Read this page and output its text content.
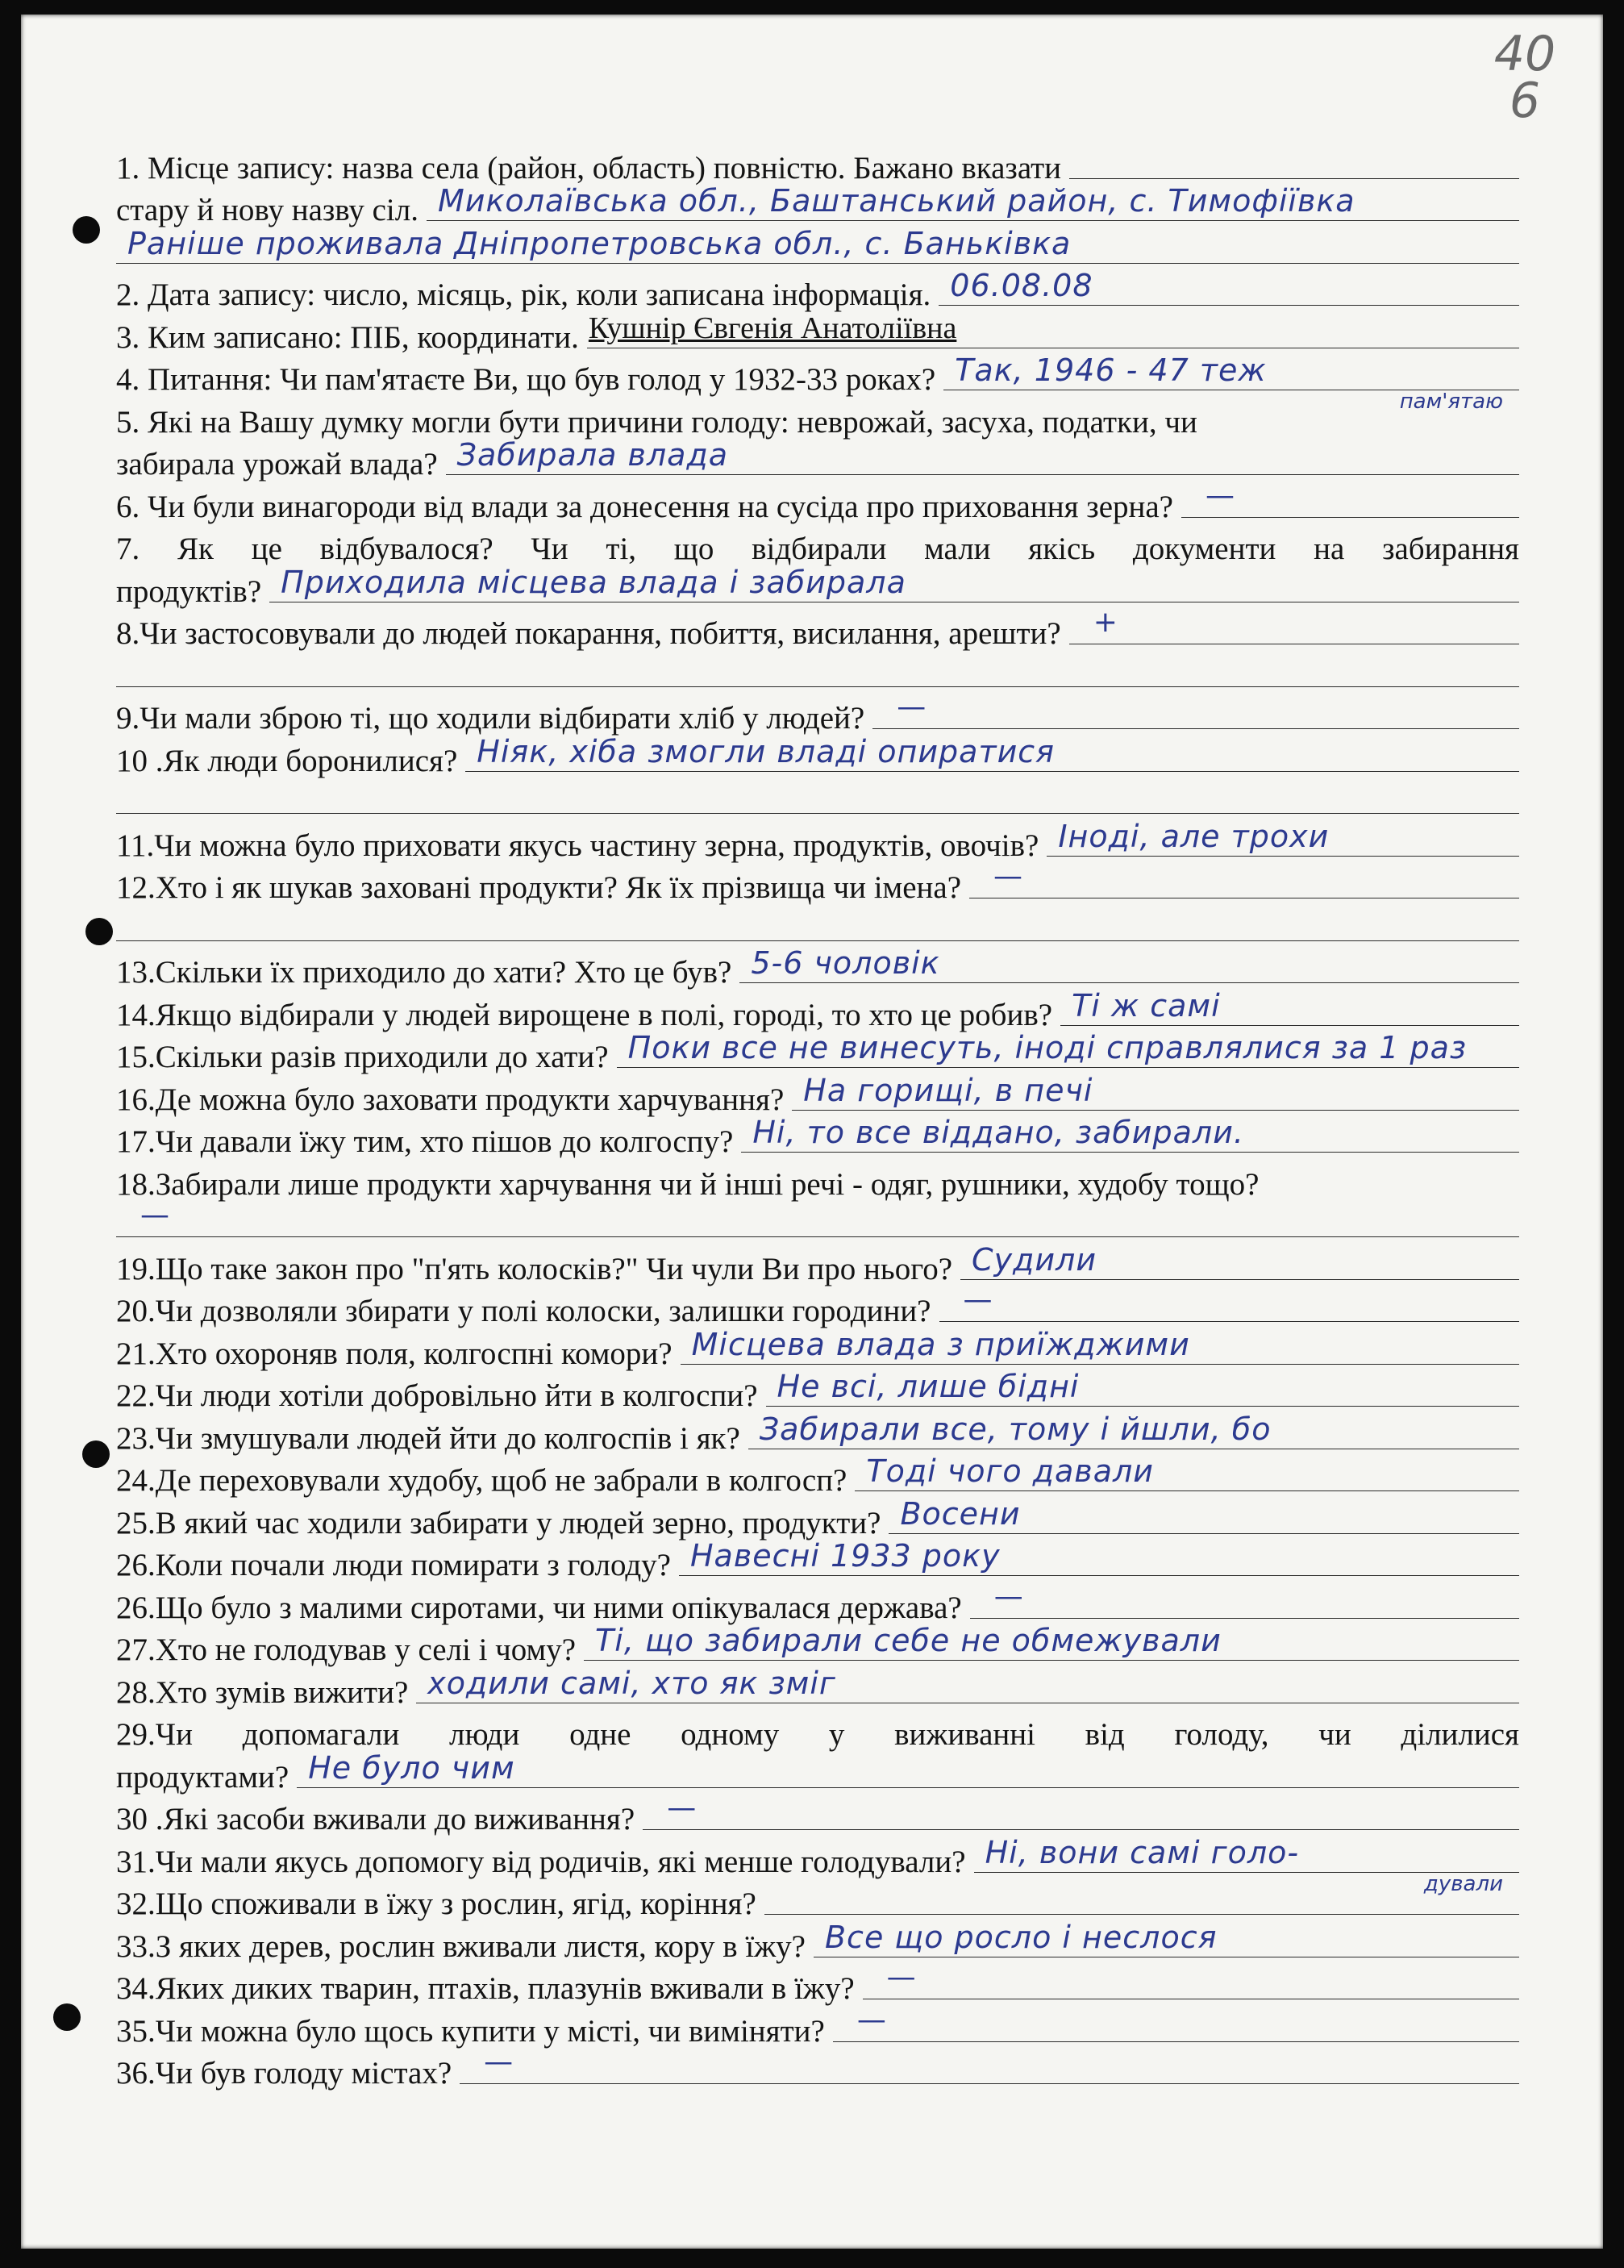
40
6
1. Місце запису: назва села (район, область) повністю. Бажано вказати
стару й нову назву сіл. Миколаївська обл., Баштанський район, с. Тимофіївка
Раніше проживала Дніпропетровська обл., с. Баньківка
2. Дата запису: число, місяць, рік, коли записана інформація. 06.08.08
3. Ким записано: ПІБ, координати. Кушнір Євгенія Анатоліївна
4. Питання: Чи пам'ятаєте Ви, що був голод у 1932-33 роках? Так, 1946 - 47 теж
пам'ятаю
5. Які на Вашу думку могли бути причини голоду: неврожай, засуха, податки, чи
забирала урожай влада? Забирала влада
6. Чи були винагороди від влади за донесення на сусіда про приховання зерна? —
7. Як це відбувалося? Чи ті, що відбирали мали якісь документи на забирання
продуктів? Приходила місцева влада і забирала
8.Чи застосовували до людей покарання, побиття, висилання, арешти? +
9.Чи мали зброю ті, що ходили відбирати хліб у людей? —
10 .Як люди боронилися? Ніяк, хіба змогли владі опиратися
11.Чи можна було приховати якусь частину зерна, продуктів, овочів? Іноді, але трохи
12.Хто і як шукав заховані продукти? Як їх прізвища чи імена? —
13.Скільки їх приходило до хати? Хто це був? 5-6 чоловік
14.Якщо відбирали у людей вирощене в полі, городі, то хто це робив? Ті ж самі
15.Скільки разів приходили до хати? Поки все не винесуть, іноді справлялися за 1 раз
16.Де можна було заховати продукти харчування? На горищі, в печі
17.Чи давали їжу тим, хто пішов до колгоспу? Ні, то все віддано, забирали.
18.Забирали лише продукти харчування чи й інші речі - одяг, рушники, худобу тощо?
—
19.Що таке закон про "п'ять колосків?" Чи чули Ви про нього? Судили
20.Чи дозволяли збирати у полі колоски, залишки городини? —
21.Хто охороняв поля, колгоспні комори? Місцева влада з приїжджими
22.Чи люди хотіли добровільно йти в колгоспи? Не всі, лише бідні
23.Чи змушували людей йти до колгоспів і як? Забирали все, тому і йшли, бо
24.Де переховували худобу, щоб не забрали в колгосп? Тоді чого давали
25.В який час ходили забирати у людей зерно, продукти? Восени
26.Коли почали люди помирати з голоду? Навесні 1933 року
26.Що було з малими сиротами, чи ними опікувалася держава? —
27.Хто не голодував у селі і чому? Ті, що забирали себе не обмежували
28.Хто зумів вижити? ходили самі, хто як зміг
29.Чи допомагали люди одне одному у виживанні від голоду, чи ділилися
продуктами? Не було чим
30 .Які засоби вживали до виживання? —
31.Чи мали якусь допомогу від родичів, які менше голодували? Ні, вони самі голо-
дували
32.Що споживали в їжу з рослин, ягід, коріння?
33.З яких дерев, рослин вживали листя, кору в їжу? Все що росло і неслося
34.Яких диких тварин, птахів, плазунів вживали в їжу? —
35.Чи можна було щось купити у місті, чи виміняти? —
36.Чи був голоду містах? —
